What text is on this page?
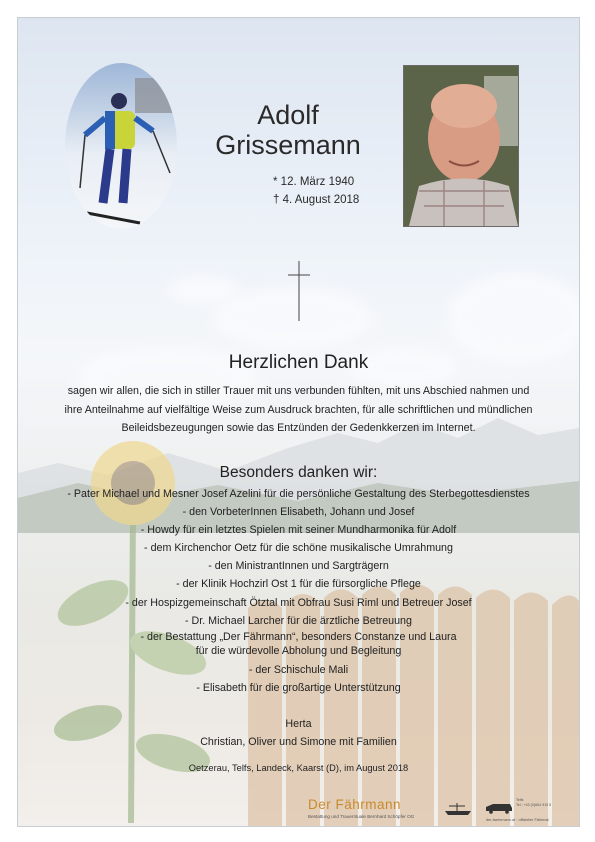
Adolf
Grissemann
* 12. März 1940
† 4. August 2018
Herzlichen Dank
sagen wir allen, die sich in stiller Trauer mit uns verbunden fühlten, mit uns Abschied nahmen und
ihre Anteilnahme auf vielfältige Weise zum Ausdruck brachten, für alle schriftlichen und mündlichen
Beileidsbezeugungen sowie das Entzünden der Gedenkkerzen im Internet.
Besonders danken wir:
- Pater Michael und Mesner Josef Azelini für die persönliche Gestaltung des Sterbegottesdienstes
- den VorbeterInnen Elisabeth, Johann und Josef
- Howdy für ein letztes Spielen mit seiner Mundharmonika für Adolf
- dem Kirchenchor Oetz für die schöne musikalische Umrahmung
- den MinistrantInnen und Sargträgern
- der Klinik Hochzirl Ost 1 für die fürsorgliche Pflege
- der Hospizgemeinschaft Ötztal mit Obfrau Susi Riml und Betreuer Josef
- Dr. Michael Larcher für die ärztliche Betreuung
- der Bestattung „Der Fährmann“, besonders Constanze und Laura
für die würdevolle Abholung und Begleitung
- der Schischule Mali
- Elisabeth für die großartige Unterstützung
Herta
Christian, Oliver und Simone mit Familien
Oetzerau, Telfs, Landeck, Kaarst (D), im August 2018
Der Fährmann
Bestattung und Trauerrituale Bernhard Schöpfer OG
Telfs
Tel.: +43 (0)664 915 5
der-faehrmann.at · offizieller Fährmat
